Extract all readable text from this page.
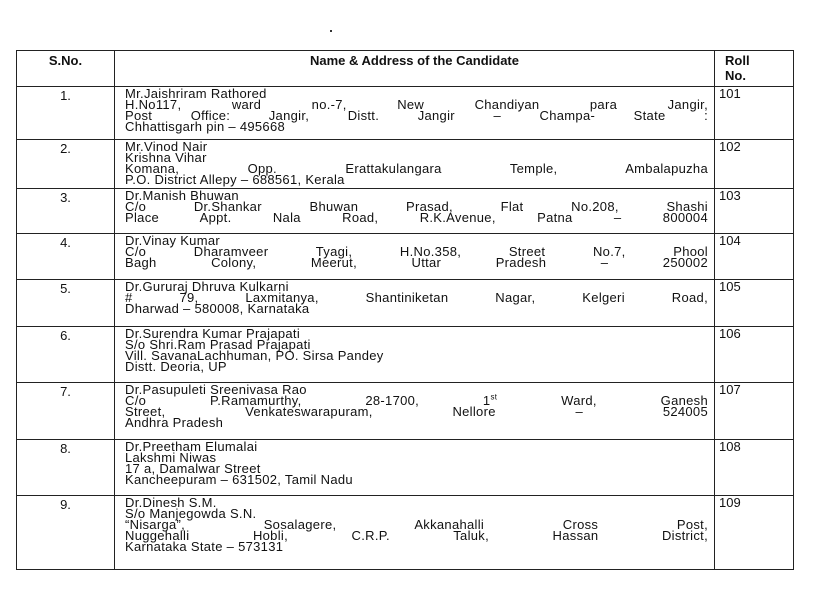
S.No.	Name & Address of the Candidate	Roll
No.
1.	Mr.Jaishriram Rathored
H.No117, ward no.-7, New Chandiyan para Jangir,
Post Office: Jangir, Distt. Jangir – Champa- State :
Chhattisgarh pin – 495668	101
2.	Mr.Vinod Nair
Krishna Vihar
Komana, Opp. Erattakulangara Temple, Ambalapuzha
P.O. District Allepy – 688561, Kerala	102
3.	Dr.Manish Bhuwan
C/o Dr.Shankar Bhuwan Prasad, Flat No.208, Shashi
Place Appt. Nala Road, R.K.Avenue, Patna – 800004	103
4.	Dr.Vinay Kumar
C/o Dharamveer Tyagi, H.No.358, Street No.7, Phool
Bagh Colony, Meerut, Uttar Pradesh – 250002	104
5.	Dr.Gururaj Dhruva Kulkarni
# 79, Laxmitanya, Shantiniketan Nagar, Kelgeri Road,
Dharwad – 580008, Karnataka	105
6.	Dr.Surendra Kumar Prajapati
S/o Shri.Ram Prasad Prajapati
Vill. SavanaLachhuman, PO. Sirsa Pandey
Distt. Deoria, UP	106
7.	Dr.Pasupuleti Sreenivasa Rao
C/o P.Ramamurthy, 28-1700, 1st Ward, Ganesh
Street, Venkateswarapuram, Nellore – 524005
Andhra Pradesh	107
8.	Dr.Preetham Elumalai
Lakshmi Niwas
17 a, Damalwar Street
Kancheepuram – 631502, Tamil Nadu	108
9.	Dr.Dinesh S.M.
S/o Manjegowda S.N.
“Nisarga”, Sosalagere, Akkanahalli Cross Post,
Nuggehalli Hobli, C.R.P. Taluk, Hassan District,
Karnataka State – 573131	109
